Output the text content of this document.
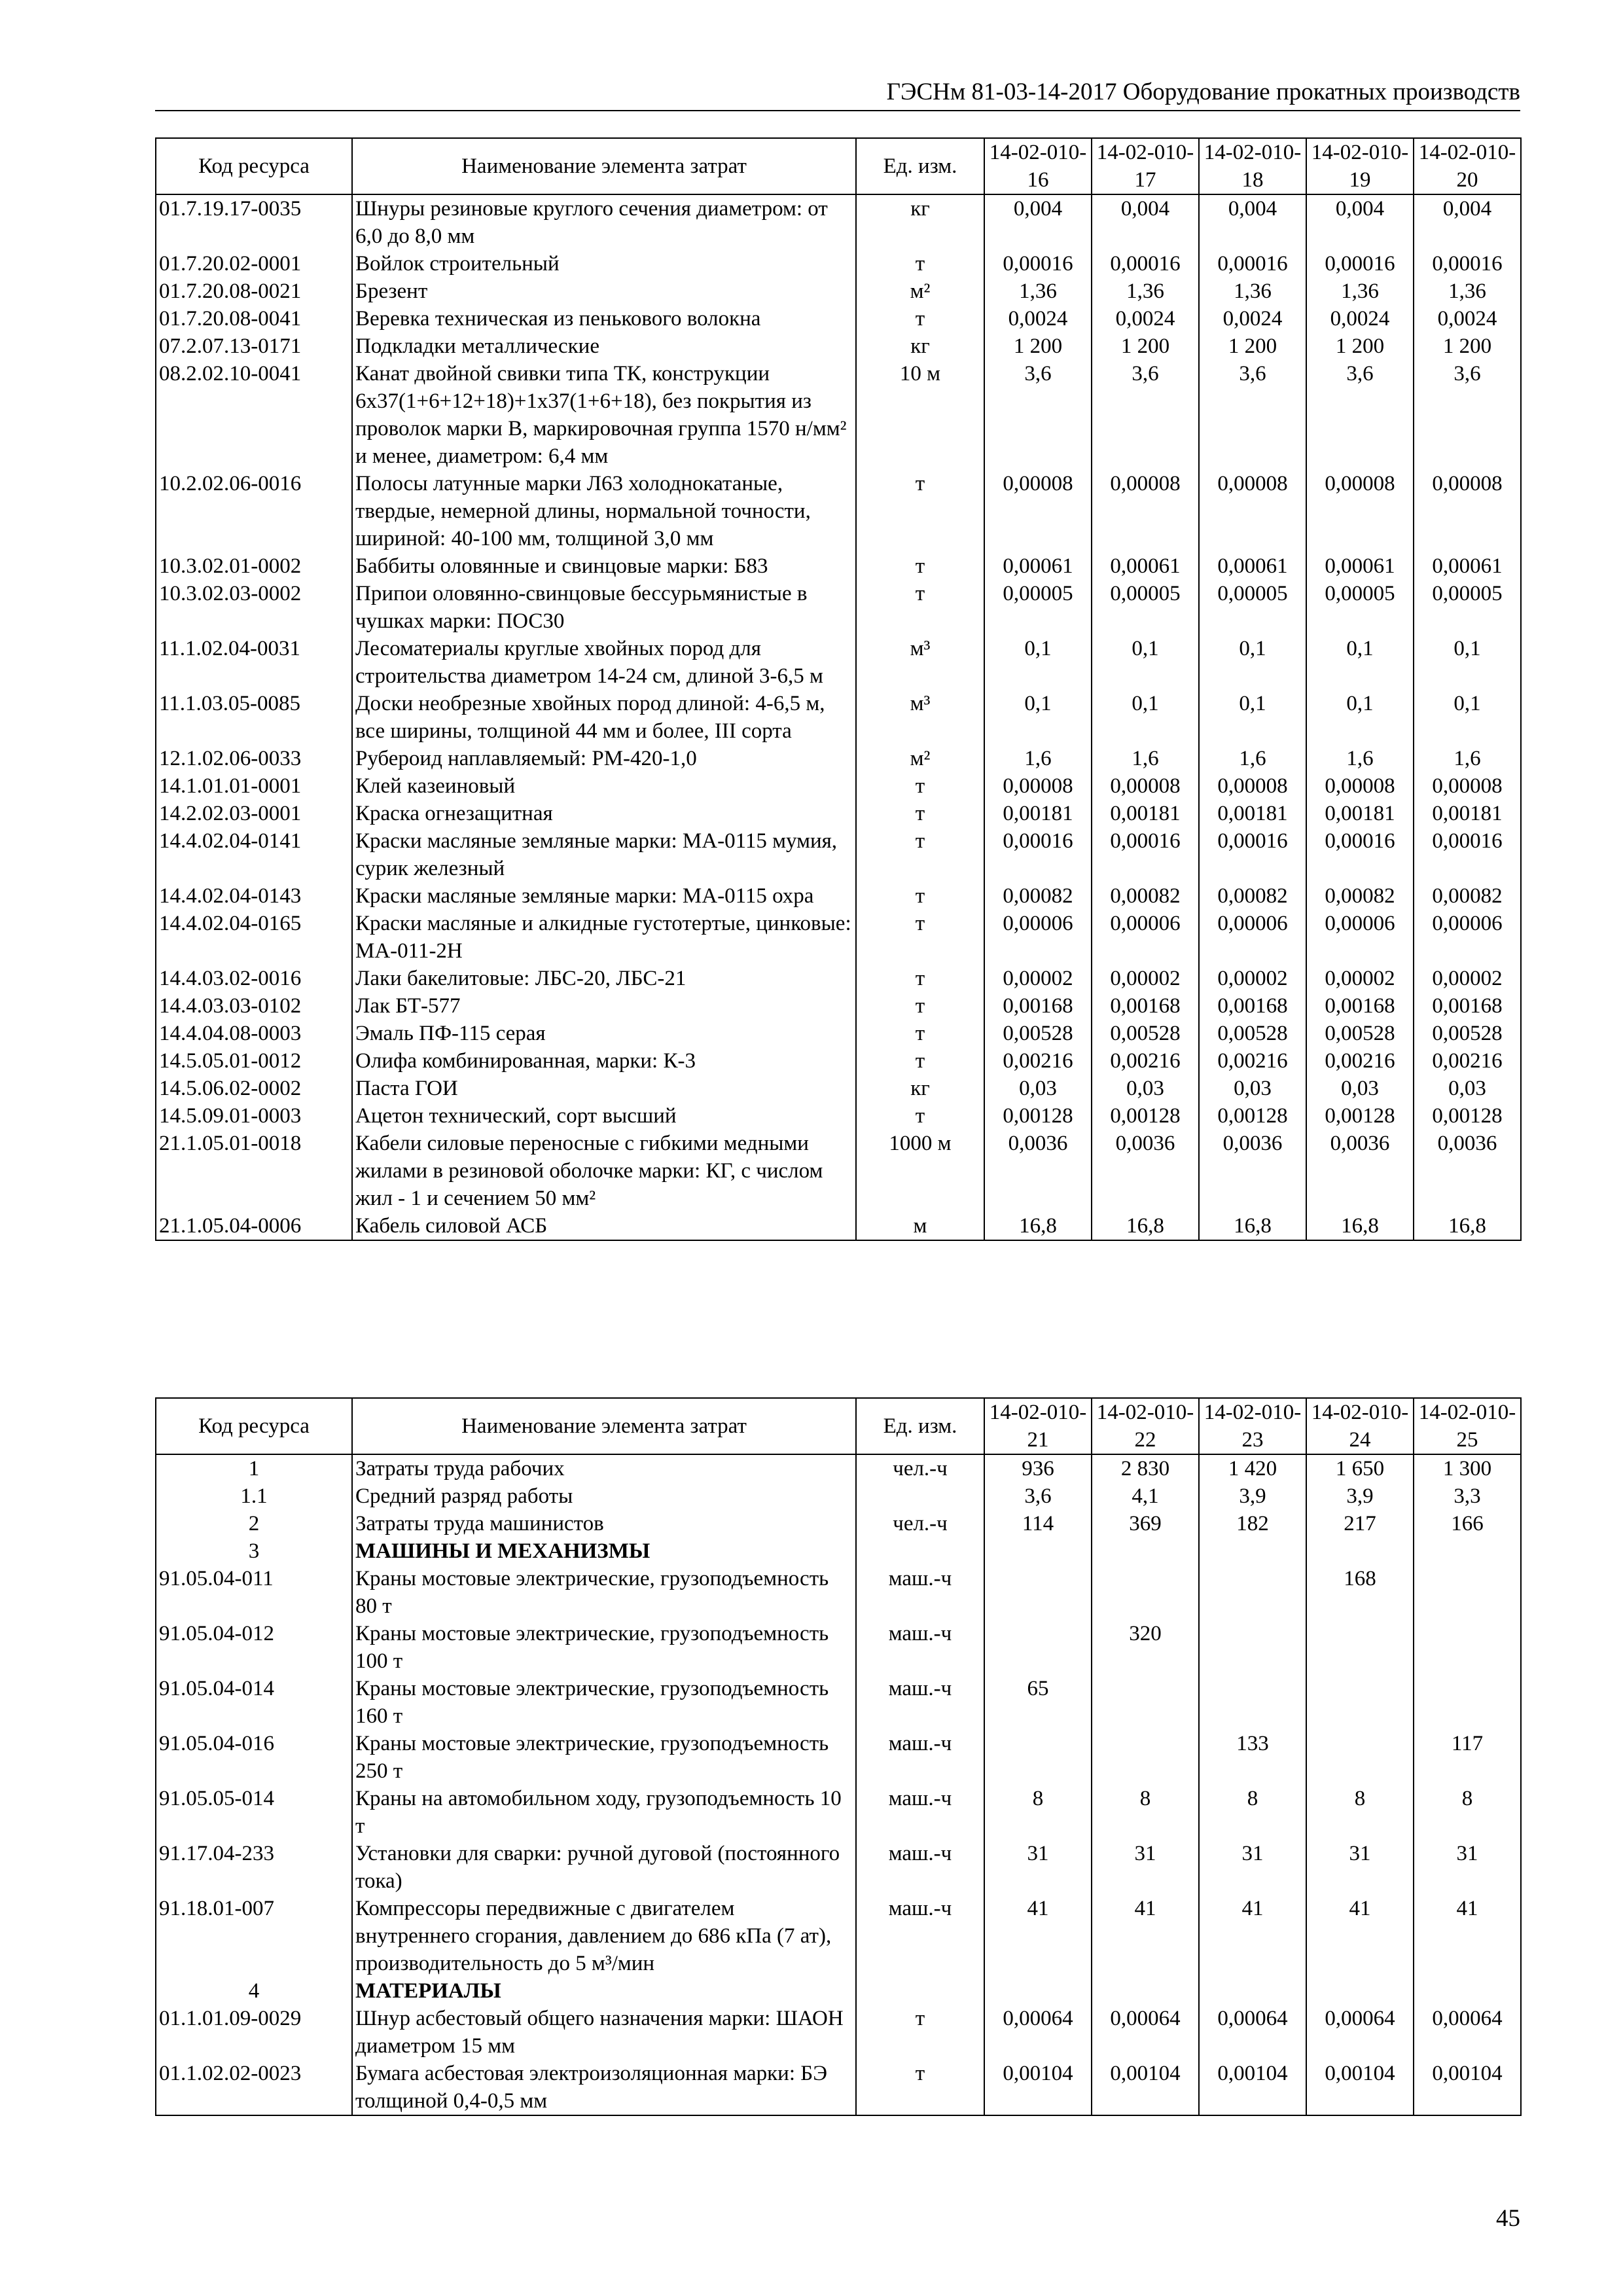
ГЭСНм 81-03-14-2017 Оборудование прокатных производств
Код ресурса	Наименование элемента затрат	Ед. изм.	14-02-010-16	14-02-010-17	14-02-010-18	14-02-010-19	14-02-010-20
01.7.19.17-0035	Шнуры резиновые круглого сечения диаметром: от 6,0 до 8,0 мм	кг	0,004	0,004	0,004	0,004	0,004
01.7.20.02-0001	Войлок строительный	т	0,00016	0,00016	0,00016	0,00016	0,00016
01.7.20.08-0021	Брезент	м²	1,36	1,36	1,36	1,36	1,36
01.7.20.08-0041	Веревка техническая из пенькового волокна	т	0,0024	0,0024	0,0024	0,0024	0,0024
07.2.07.13-0171	Подкладки металлические	кг	1 200	1 200	1 200	1 200	1 200
08.2.02.10-0041	Канат двойной свивки типа ТК, конструкции 6х37(1+6+12+18)+1х37(1+6+18), без покрытия из проволок марки В, маркировочная группа 1570 н/мм² и менее, диаметром: 6,4 мм	10 м	3,6	3,6	3,6	3,6	3,6
10.2.02.06-0016	Полосы латунные марки Л63 холоднокатаные, твердые, немерной длины, нормальной точности, шириной: 40-100 мм, толщиной 3,0 мм	т	0,00008	0,00008	0,00008	0,00008	0,00008
10.3.02.01-0002	Баббиты оловянные и свинцовые марки: Б83	т	0,00061	0,00061	0,00061	0,00061	0,00061
10.3.02.03-0002	Припои оловянно-свинцовые бессурьмянистые в чушках марки: ПОС30	т	0,00005	0,00005	0,00005	0,00005	0,00005
11.1.02.04-0031	Лесоматериалы круглые хвойных пород для строительства диаметром 14-24 см, длиной 3-6,5 м	м³	0,1	0,1	0,1	0,1	0,1
11.1.03.05-0085	Доски необрезные хвойных пород длиной: 4-6,5 м, все ширины, толщиной 44 мм и более, III сорта	м³	0,1	0,1	0,1	0,1	0,1
12.1.02.06-0033	Рубероид наплавляемый: РМ-420-1,0	м²	1,6	1,6	1,6	1,6	1,6
14.1.01.01-0001	Клей казеиновый	т	0,00008	0,00008	0,00008	0,00008	0,00008
14.2.02.03-0001	Краска огнезащитная	т	0,00181	0,00181	0,00181	0,00181	0,00181
14.4.02.04-0141	Краски масляные земляные марки: МА-0115 мумия, сурик железный	т	0,00016	0,00016	0,00016	0,00016	0,00016
14.4.02.04-0143	Краски масляные земляные марки: МА-0115 охра	т	0,00082	0,00082	0,00082	0,00082	0,00082
14.4.02.04-0165	Краски масляные и алкидные густотертые, цинковые: МА-011-2Н	т	0,00006	0,00006	0,00006	0,00006	0,00006
14.4.03.02-0016	Лаки бакелитовые: ЛБС-20, ЛБС-21	т	0,00002	0,00002	0,00002	0,00002	0,00002
14.4.03.03-0102	Лак БТ-577	т	0,00168	0,00168	0,00168	0,00168	0,00168
14.4.04.08-0003	Эмаль ПФ-115 серая	т	0,00528	0,00528	0,00528	0,00528	0,00528
14.5.05.01-0012	Олифа комбинированная, марки: К-3	т	0,00216	0,00216	0,00216	0,00216	0,00216
14.5.06.02-0002	Паста ГОИ	кг	0,03	0,03	0,03	0,03	0,03
14.5.09.01-0003	Ацетон технический, сорт высший	т	0,00128	0,00128	0,00128	0,00128	0,00128
21.1.05.01-0018	Кабели силовые переносные с гибкими медными жилами в резиновой оболочке марки: КГ, с числом жил - 1 и сечением 50 мм²	1000 м	0,0036	0,0036	0,0036	0,0036	0,0036
21.1.05.04-0006	Кабель силовой АСБ	м	16,8	16,8	16,8	16,8	16,8
Код ресурса	Наименование элемента затрат	Ед. изм.	14-02-010-21	14-02-010-22	14-02-010-23	14-02-010-24	14-02-010-25
1	Затраты труда рабочих	чел.-ч	936	2 830	1 420	1 650	1 300
1.1	Средний разряд работы		3,6	4,1	3,9	3,9	3,3
2	Затраты труда машинистов	чел.-ч	114	369	182	217	166
3	МАШИНЫ И МЕХАНИЗМЫ						
91.05.04-011	Краны мостовые электрические, грузоподъемность 80 т	маш.-ч				168	
91.05.04-012	Краны мостовые электрические, грузоподъемность 100 т	маш.-ч		320			
91.05.04-014	Краны мостовые электрические, грузоподъемность 160 т	маш.-ч	65				
91.05.04-016	Краны мостовые электрические, грузоподъемность 250 т	маш.-ч			133		117
91.05.05-014	Краны на автомобильном ходу, грузоподъемность 10 т	маш.-ч	8	8	8	8	8
91.17.04-233	Установки для сварки: ручной дуговой (постоянного тока)	маш.-ч	31	31	31	31	31
91.18.01-007	Компрессоры передвижные с двигателем внутреннего сгорания, давлением до 686 кПа (7 ат), производительность до 5 м³/мин	маш.-ч	41	41	41	41	41
4	МАТЕРИАЛЫ						
01.1.01.09-0029	Шнур асбестовый общего назначения марки: ШАОН диаметром 15 мм	т	0,00064	0,00064	0,00064	0,00064	0,00064
01.1.02.02-0023	Бумага асбестовая электроизоляционная марки: БЭ толщиной 0,4-0,5 мм	т	0,00104	0,00104	0,00104	0,00104	0,00104
45
